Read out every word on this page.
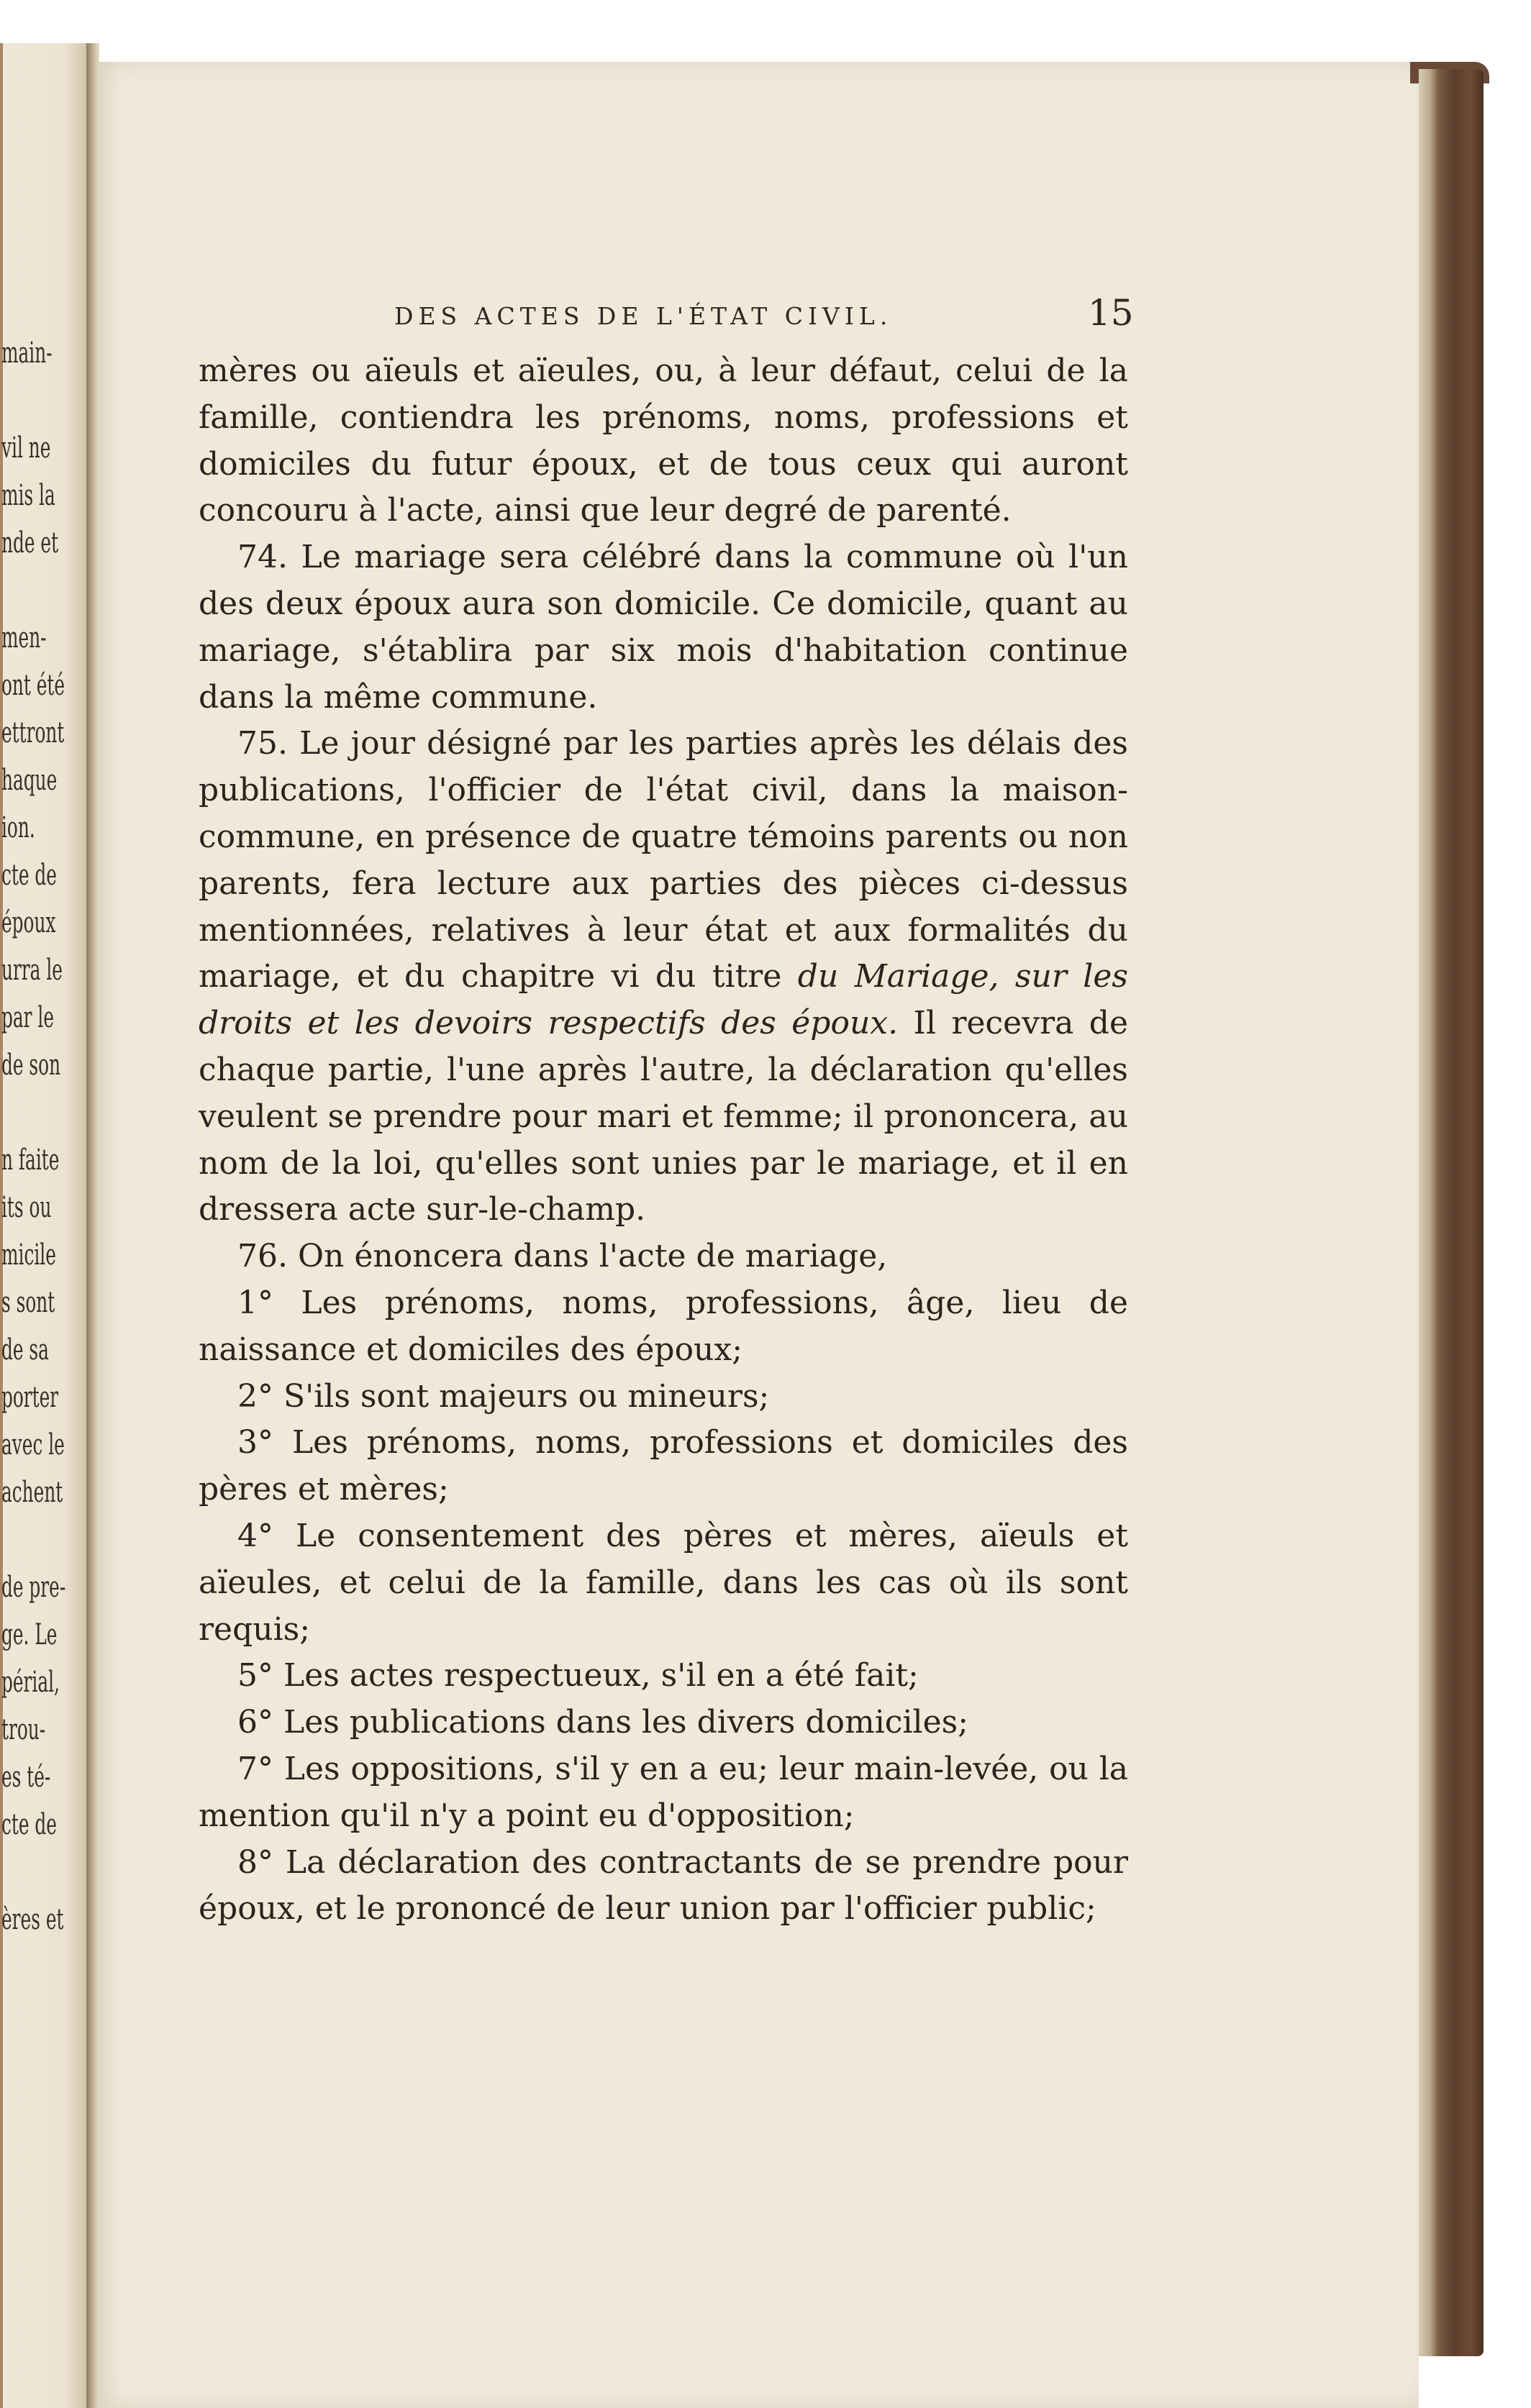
main-
vil ne
mis la
nde et
men-
ont été
ettront
haque
ion.
cte de
époux
urra le
par le
de son
n faite
its ou
micile
s sont
de sa
porter
avec le
achent
de pre-
ge. Le
périal,
trou-
es té-
cte de
ères et
DES ACTES DE L'ÉTAT CIVIL.	15

mères ou aïeuls et aïeules, ou, à leur défaut, celui de la famille, contiendra les prénoms, noms, professions et domiciles du futur époux, et de tous ceux qui auront concouru à l'acte, ainsi que leur degré de parenté.

74. Le mariage sera célébré dans la commune où l'un des deux époux aura son domicile. Ce domicile, quant au mariage, s'établira par six mois d'habitation continue dans la même commune.

75. Le jour désigné par les parties après les délais des publications, l'officier de l'état civil, dans la maison-commune, en présence de quatre témoins parents ou non parents, fera lecture aux parties des pièces ci-dessus mentionnées, relatives à leur état et aux formalités du mariage, et du chapitre vi du titre du Mariage, sur les droits et les devoirs respectifs des époux. Il recevra de chaque partie, l'une après l'autre, la déclaration qu'elles veulent se prendre pour mari et femme; il prononcera, au nom de la loi, qu'elles sont unies par le mariage, et il en dressera acte sur-le-champ.

76. On énoncera dans l'acte de mariage,

1° Les prénoms, noms, professions, âge, lieu de naissance et domiciles des époux;

2° S'ils sont majeurs ou mineurs;

3° Les prénoms, noms, professions et domiciles des pères et mères;

4° Le consentement des pères et mères, aïeuls et aïeules, et celui de la famille, dans les cas où ils sont requis;

5° Les actes respectueux, s'il en a été fait;

6° Les publications dans les divers domiciles;

7° Les oppositions, s'il y en a eu; leur main-levée, ou la mention qu'il n'y a point eu d'opposition;

8° La déclaration des contractants de se prendre pour époux, et le prononcé de leur union par l'officier public;
